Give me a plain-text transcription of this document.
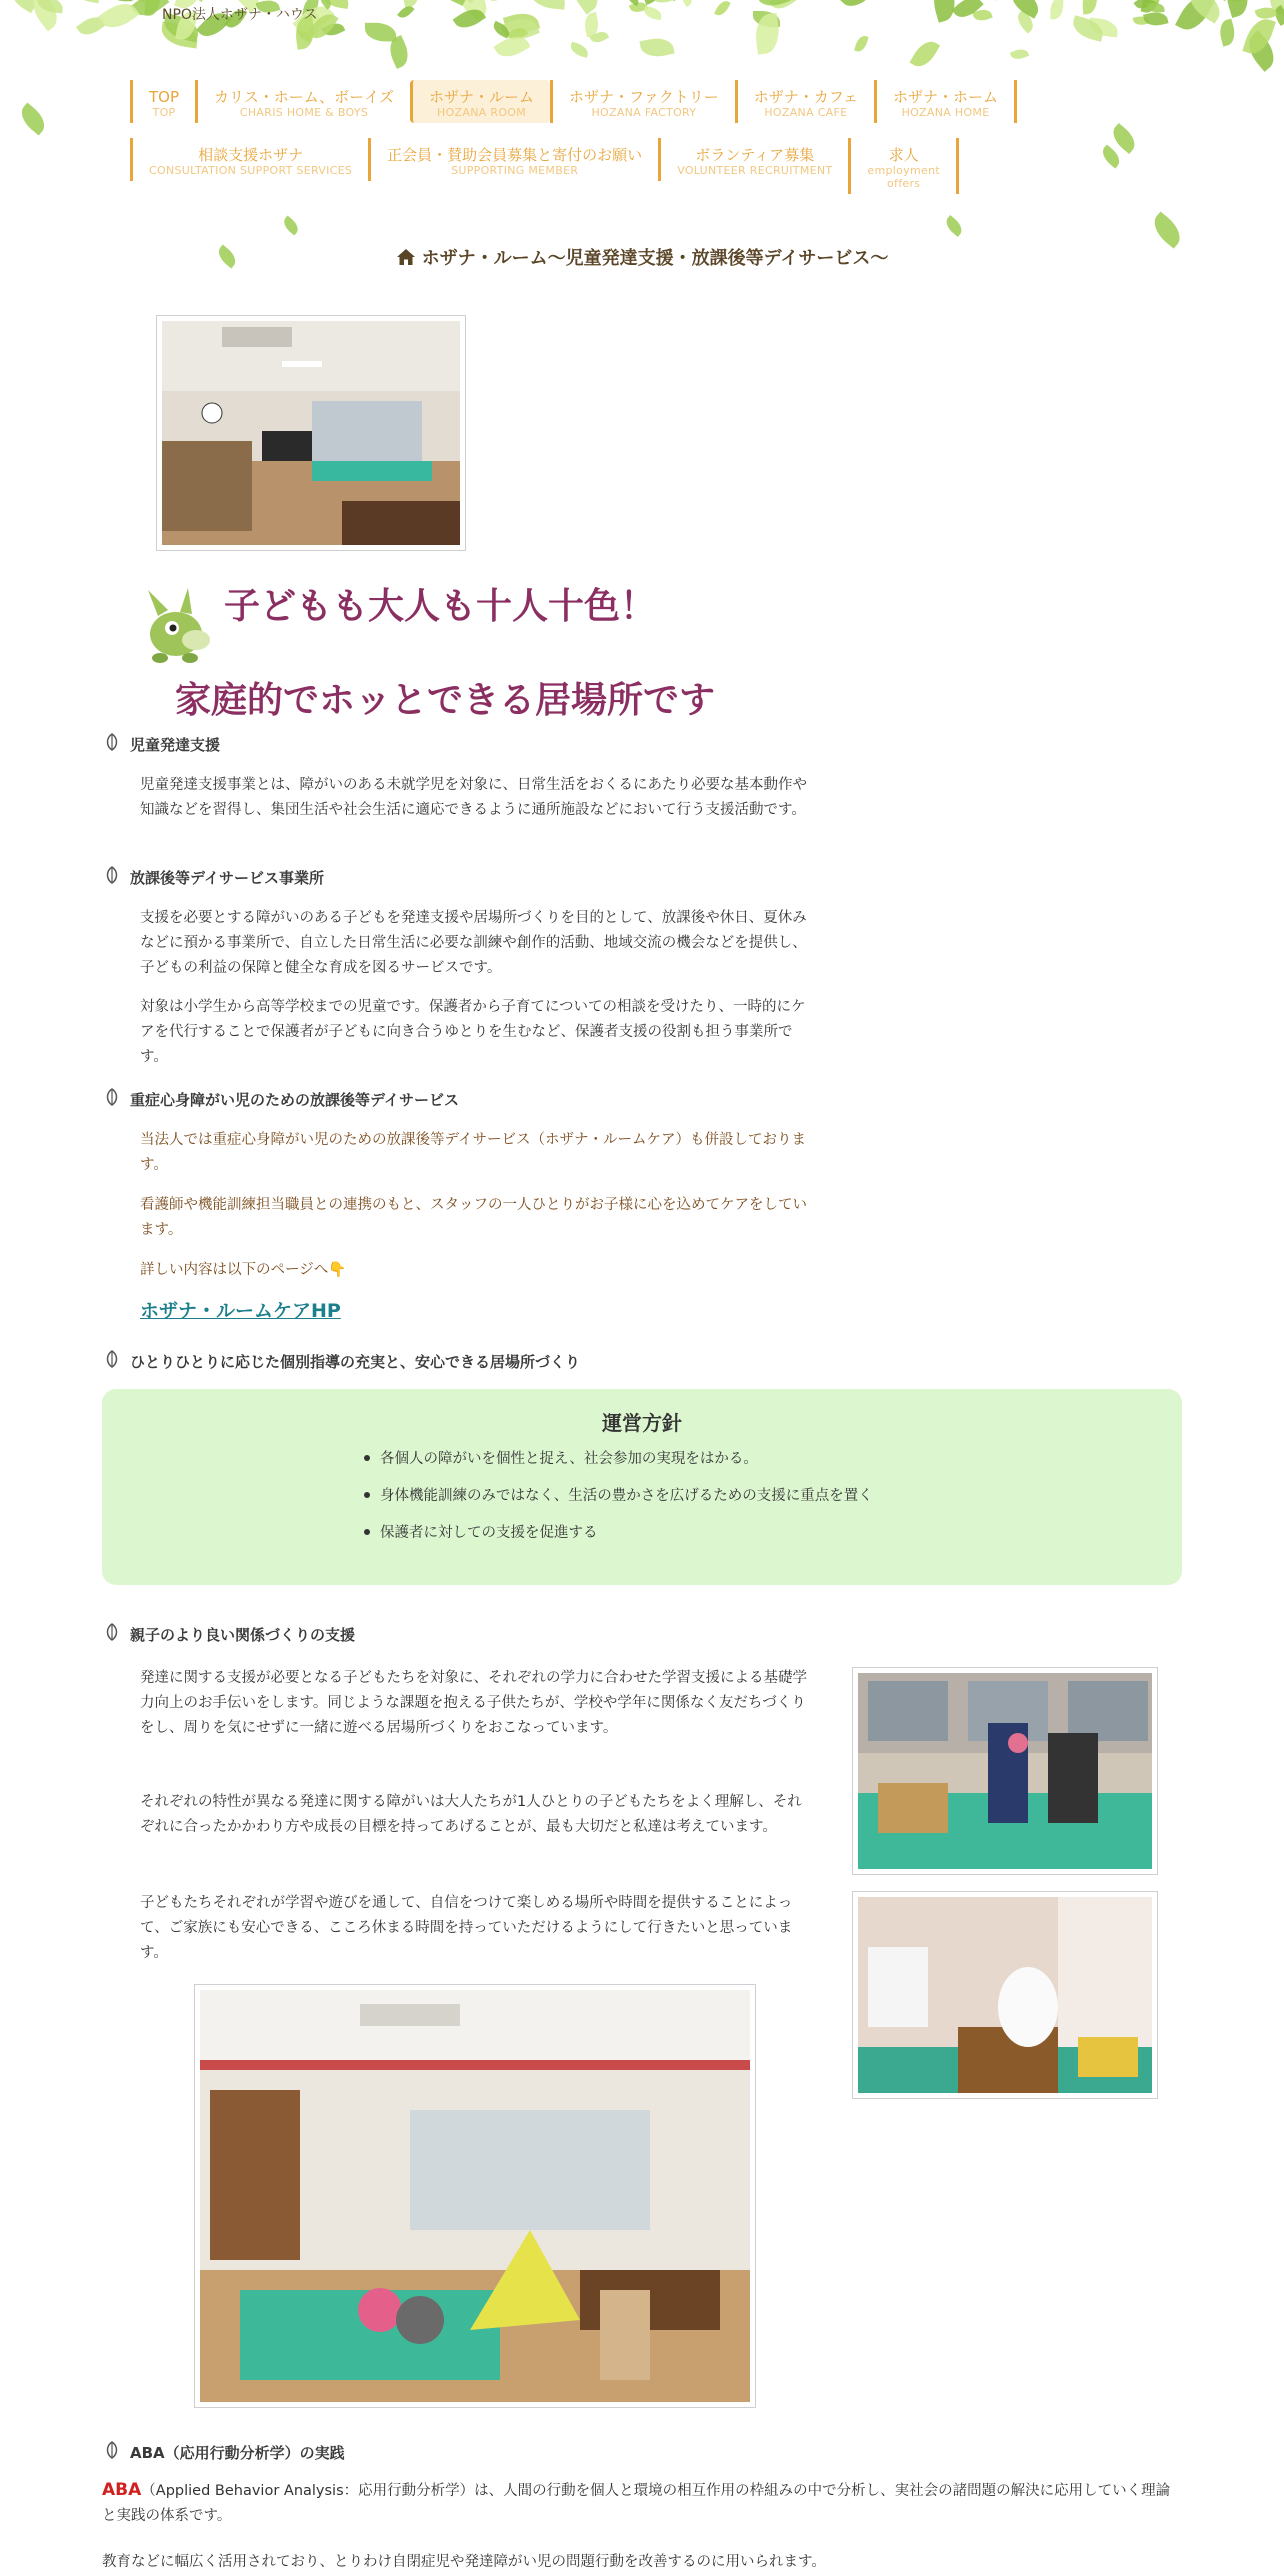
NPO法人ホザナ・ハウス
TOP
TOP
カリス・ホーム、ボーイズ
CHARIS HOME & BOYS
ホザナ・ルーム
HOZANA ROOM
ホザナ・ファクトリー
HOZANA FACTORY
ホザナ・カフェ
HOZANA CAFE
ホザナ・ホーム
HOZANA HOME
相談支援ホザナ
CONSULTATION SUPPORT SERVICES
正会員・賛助会員募集と寄付のお願い
SUPPORTING MEMBER
ボランティア募集
VOLUNTEER RECRUITMENT
求人
employment
offers
ホザナ・ルーム～児童発達支援・放課後等デイサービス～
子どもも大人も十人十色！
家庭的でホッとできる居場所です
児童発達支援
児童発達支援事業とは、障がいのある未就学児を対象に、日常生活をおくるにあたり必要な基本動作や知識などを習得し、集団生活や社会生活に適応できるように通所施設などにおいて行う支援活動です。
放課後等デイサービス事業所
支援を必要とする障がいのある子どもを発達支援や居場所づくりを目的として、放課後や休日、夏休みなどに預かる事業所で、自立した日常生活に必要な訓練や創作的活動、地域交流の機会などを提供し、子どもの利益の保障と健全な育成を図るサービスです。
対象は小学生から高等学校までの児童です。保護者から子育てについての相談を受けたり、一時的にケアを代行することで保護者が子どもに向き合うゆとりを生むなど、保護者支援の役割も担う事業所です。
重症心身障がい児のための放課後等デイサービス
当法人では重症心身障がい児のための放課後等デイサービス（ホザナ・ルームケア）も併設しております。
看護師や機能訓練担当職員との連携のもと、スタッフの一人ひとりがお子様に心を込めてケアをしています。
詳しい内容は以下のページへ👇
ホザナ・ルームケアHP
ひとりひとりに応じた個別指導の充実と、安心できる居場所づくり
運営方針
各個人の障がいを個性と捉え、社会参加の実現をはかる。
身体機能訓練のみではなく、生活の豊かさを広げるための支援に重点を置く
保護者に対しての支援を促進する
親子のより良い関係づくりの支援
発達に関する支援が必要となる子どもたちを対象に、それぞれの学力に合わせた学習支援による基礎学力向上のお手伝いをします。同じような課題を抱える子供たちが、学校や学年に関係なく友だちづくりをし、周りを気にせずに一緒に遊べる居場所づくりをおこなっています。
それぞれの特性が異なる発達に関する障がいは大人たちが1人ひとりの子どもたちをよく理解し、それぞれに合ったかかわり方や成長の目標を持ってあげることが、最も大切だと私達は考えています。
子どもたちそれぞれが学習や遊びを通して、自信をつけて楽しめる場所や時間を提供することによって、ご家族にも安心できる、こころ休まる時間を持っていただけるようにして行きたいと思っています。
ABA（応用行動分析学）の実践
ABA（Applied Behavior Analysis：応用行動分析学）は、人間の行動を個人と環境の相互作用の枠組みの中で分析し、実社会の諸問題の解決に応用していく理論と実践の体系です。
教育などに幅広く活用されており、とりわけ自閉症児や発達障がい児の問題行動を改善するのに用いられます。
